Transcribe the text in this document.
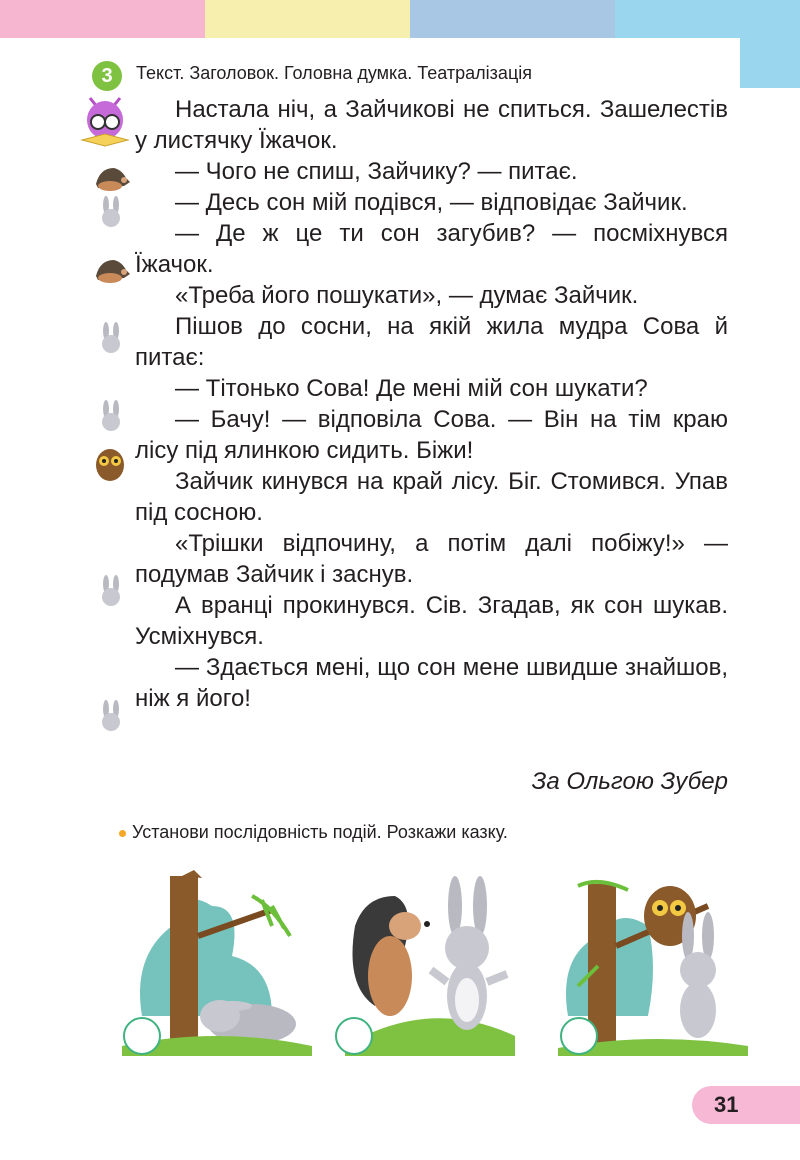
3	Текст. Заголовок. Головна думка. Театралізація

Настала ніч, а Зайчикові не спиться. Зашелестів у листячку Їжачок.

— Чого не спиш, Зайчику? — питає.

— Десь сон мій подівся, — відповідає Зайчик.

— Де ж це ти сон загубив? — посміхнувся Їжачок.

«Треба його пошукати», — думає Зайчик.

Пішов до сосни, на якій жила мудра Сова й питає:

— Тітонько Сова! Де мені мій сон шукати?

— Бачу! — відповіла Сова. — Він на тім краю лісу під ялинкою сидить. Біжи!

Зайчик кинувся на край лісу. Біг. Стомився. Упав під сосною.

«Трішки відпочину, а потім далі побіжу!» — подумав Зайчик і заснув.

А вранці прокинувся. Сів. Згадав, як сон шукав. Усміхнувся.

— Здається мені, що сон мене швидше знайшов, ніж я його!

За Ольгою Зубер
Установи послідовність подій. Розкажи казку.
31
